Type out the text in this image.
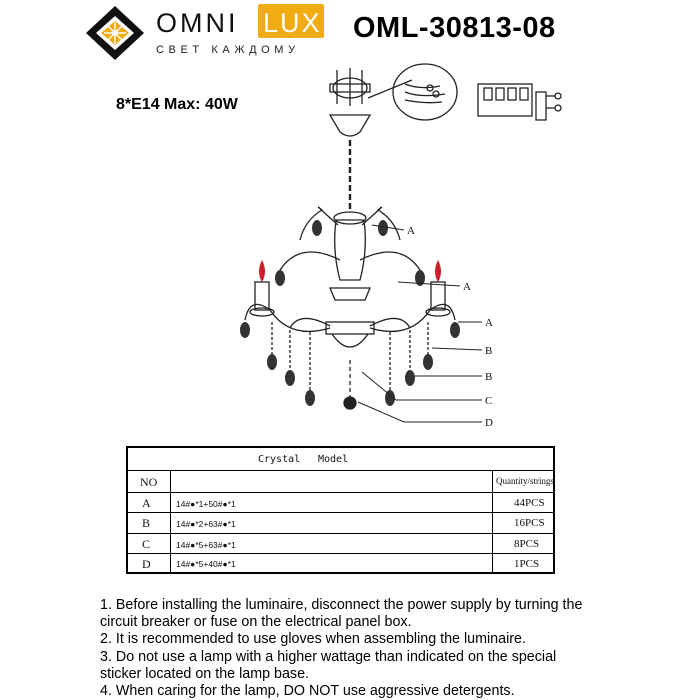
OMNI LUX
СВЕТ КАЖДОМУ
OML-30813-08
8*E14 Max: 40W
A
A
A
B
B
C
D
Crystal Model
NO	Quantity/strings
A	14#●*1+50#●*1	44PCS
B	14#●*2+63#●*1	16PCS
C	14#●*5+63#●*1	8PCS
D	14#●*5+40#●*1	1PCS

1. Before installing the luminaire, disconnect the power supply by turning the circuit breaker or fuse on the electrical panel box.

2. It is recommended to use gloves when assembling the luminaire.

3. Do not use a lamp with a higher wattage than indicated on the special sticker located on the lamp base.

4. When caring for the lamp, DO NOT use aggressive detergents.
